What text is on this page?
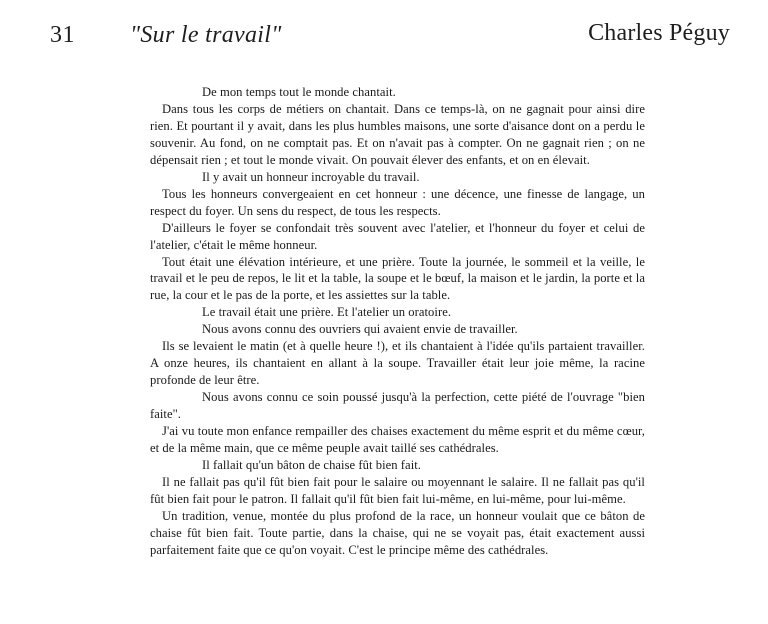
31 "Sur le travail"	Charles Péguy

De mon temps tout le monde chantait.

Dans tous les corps de métiers on chantait. Dans ce temps-là, on ne gagnait pour ainsi dire rien. Et pourtant il y avait, dans les plus humbles maisons, une sorte d'aisance dont on a perdu le souvenir. Au fond, on ne comptait pas. Et on n'avait pas à compter. On ne gagnait rien ; on ne dépensait rien ; et tout le monde vivait. On pouvait élever des enfants, et on en élevait.

Il y avait un honneur incroyable du travail.

Tous les honneurs convergeaient en cet honneur : une décence, une finesse de langage, un respect du foyer. Un sens du respect, de tous les respects.

D'ailleurs le foyer se confondait très souvent avec l'atelier, et l'honneur du foyer et celui de l'atelier, c'était le même honneur.

Tout était une élévation intérieure, et une prière. Toute la journée, le sommeil et la veille, le travail et le peu de repos, le lit et la table, la soupe et le bœuf, la maison et le jardin, la porte et la rue, la cour et le pas de la porte, et les assiettes sur la table.

Le travail était une prière. Et l'atelier un oratoire.

Nous avons connu des ouvriers qui avaient envie de travailler.

Ils se levaient le matin (et à quelle heure !), et ils chantaient à l'idée qu'ils partaient travailler. A onze heures, ils chantaient en allant à la soupe. Travailler était leur joie même, la racine profonde de leur être.

Nous avons connu ce soin poussé jusqu'à la perfection, cette piété de l'ouvrage "bien faite".

J'ai vu toute mon enfance rempailler des chaises exactement du même esprit et du même cœur, et de la même main, que ce même peuple avait taillé ses cathédrales.

Il fallait qu'un bâton de chaise fût bien fait.

Il ne fallait pas qu'il fût bien fait pour le salaire ou moyennant le salaire. Il ne fallait pas qu'il fût bien fait pour le patron. Il fallait qu'il fût bien fait lui-même, en lui-même, pour lui-même.

Un tradition, venue, montée du plus profond de la race, un honneur voulait que ce bâton de chaise fût bien fait. Toute partie, dans la chaise, qui ne se voyait pas, était exactement aussi parfaitement faite que ce qu'on voyait. C'est le principe même des cathédrales.
